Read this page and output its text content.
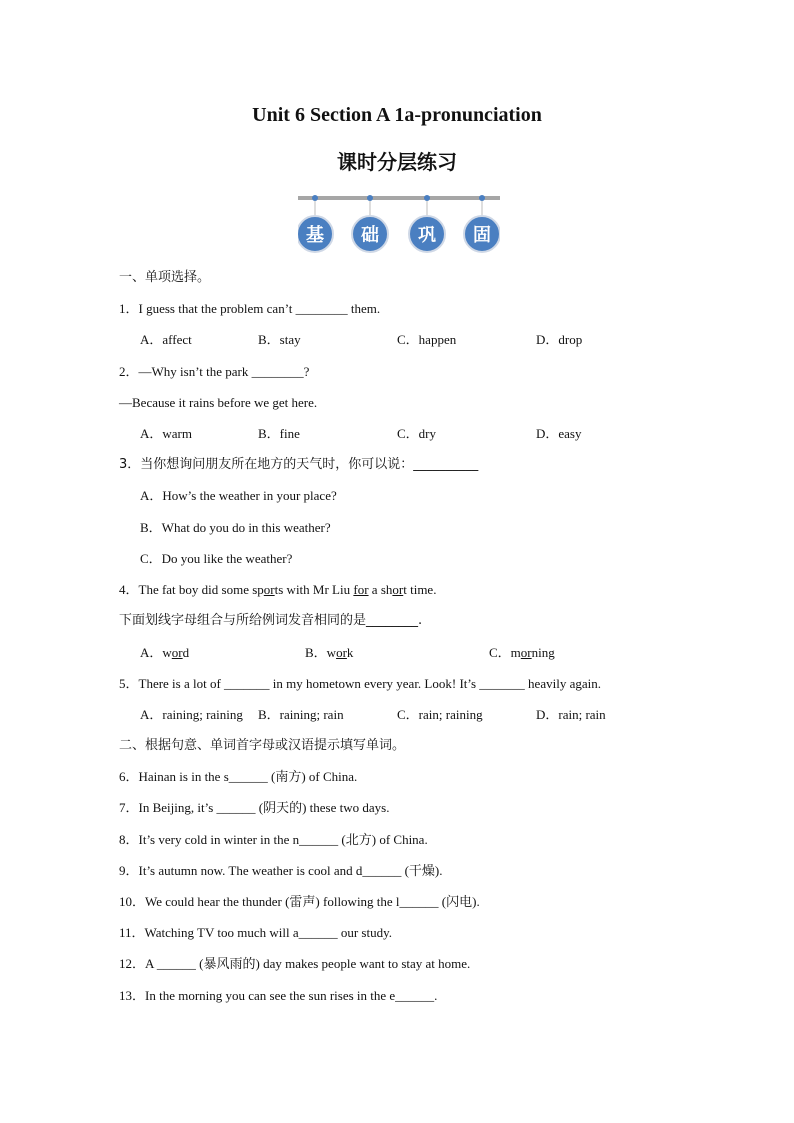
Unit 6 Section A 1a-pronunciation
课时分层练习
基 础 巩 固
一、单项选择。
1．I guess that the problem can’t ________ them.
A．affect	B．stay	C．happen	D．drop
2．—Why isn’t the park ________?
—Because it rains before we get here.
A．warm	B．fine	C．dry	D．easy
3．当你想询问朋友所在地方的天气时，你可以说：__________
A．How’s the weather in your place?
B．What do you do in this weather?
C．Do you like the weather?
4．The fat boy did some sports with Mr Liu for a short time.
下面划线字母组合与所给例词发音相同的是________.
A．word	B．work	C．morning
5．There is a lot of _______ in my hometown every year. Look! It’s _______ heavily again.
A．raining; raining B．raining; rain	C．rain; raining	D．rain; rain
二、根据句意、单词首字母或汉语提示填写单词。
6．Hainan is in the s______ (南方) of China.
7．In Beijing, it’s ______ (阴天的) these two days.
8．It’s very cold in winter in the n______ (北方) of China.
9．It’s autumn now. The weather is cool and d______ (干燥).
10．We could hear the thunder (雷声) following the l______ (闪电).
11．Watching TV too much will a______ our study.
12．A ______ (暴风雨的) day makes people want to stay at home.
13．In the morning you can see the sun rises in the e______.
